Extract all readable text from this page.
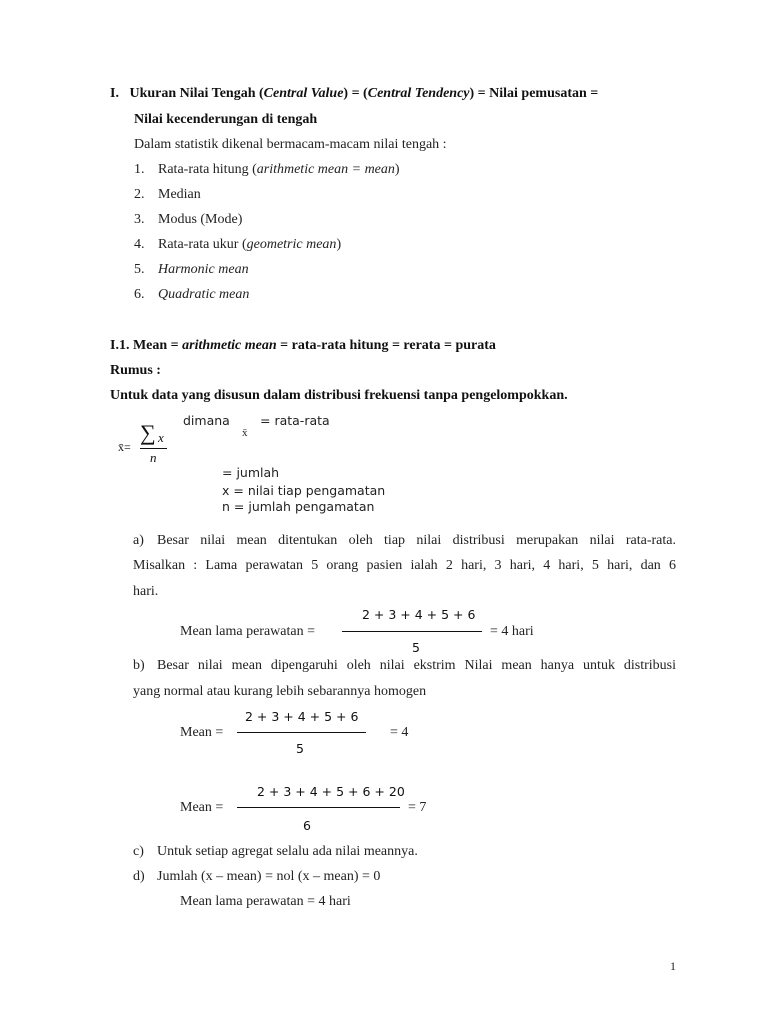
I. Ukuran Nilai Tengah (Central Value) = (Central Tendency) = Nilai pemusatan =
Nilai kecenderungan di tengah
Dalam statistik dikenal bermacam-macam nilai tengah :
1. Rata-rata hitung (arithmetic mean = mean)
2. Median
3. Modus (Mode)
4. Rata-rata ukur (geometric mean)
5. Harmonic mean
6. Quadratic mean
I.1. Mean = arithmetic mean = rata-rata hitung = rerata = purata
Rumus :
Untuk data yang disusun dalam distribusi frekuensi tanpa pengelompokkan.
x̄=
∑ x
n
dimana
x̄
= rata-rata
= jumlah
x = nilai tiap pengamatan
n = jumlah pengamatan
a) Besar nilai mean ditentukan oleh tiap nilai distribusi merupakan nilai rata-rata.
Misalkan : Lama perawatan 5 orang pasien ialah 2 hari, 3 hari, 4 hari, 5 hari, dan 6
hari.
2 + 3 + 4 + 5 + 6
Mean lama perawatan =	= 4 hari
5
b) Besar nilai mean dipengaruhi oleh nilai ekstrim Nilai mean hanya untuk distribusi
yang normal atau kurang lebih sebarannya homogen
2 + 3 + 4 + 5 + 6
Mean =	= 4
5
2 + 3 + 4 + 5 + 6 + 20
Mean =	= 7
6
c) Untuk setiap agregat selalu ada nilai meannya.
d) Jumlah (x – mean) = nol (x – mean) = 0
Mean lama perawatan = 4 hari
1
